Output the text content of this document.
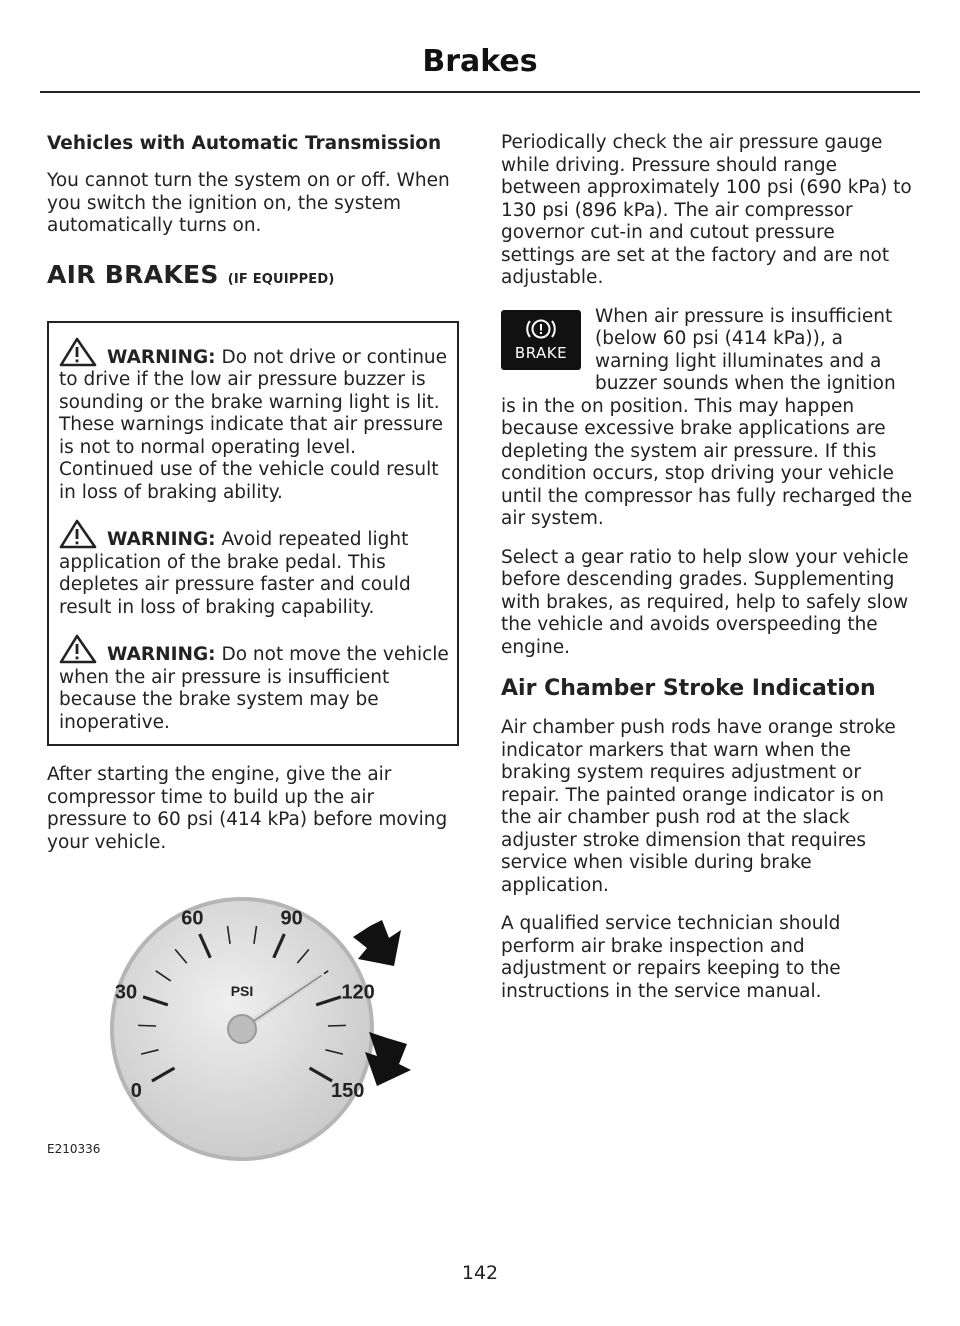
Brakes
Vehicles with Automatic Transmission

You cannot turn the system on or off. When you switch the ignition on, the system automatically turns on.

AIR BRAKES (IF EQUIPPED)

WARNING: Do not drive or continue to drive if the low air pressure buzzer is sounding or the brake warning light is lit. These warnings indicate that air pressure is not to normal operating level. Continued use of the vehicle could result in loss of braking ability.

WARNING: Avoid repeated light application of the brake pedal. This depletes air pressure faster and could result in loss of braking capability.

WARNING: Do not move the vehicle when the air pressure is insufficient because the brake system may be inoperative.

After starting the engine, give the air compressor time to build up the air pressure to 60 psi (414 kPa) before moving your vehicle.

0
30
60	90
120
150
PSI
E210336

Periodically check the air pressure gauge while driving. Pressure should range between approximately 100 psi (690 kPa) to 130 psi (896 kPa). The air compressor governor cut-in and cutout pressure settings are set at the factory and are not adjustable.

BRAKE
When air pressure is insufficient (below 60 psi (414 kPa)), a warning light illuminates and a buzzer sounds when the ignition is in the on position. This may happen because excessive brake applications are depleting the system air pressure. If this condition occurs, stop driving your vehicle until the compressor has fully recharged the air system.

Select a gear ratio to help slow your vehicle before descending grades. Supplementing with brakes, as required, help to safely slow the vehicle and avoids overspeeding the engine.

Air Chamber Stroke Indication

Air chamber push rods have orange stroke indicator markers that warn when the braking system requires adjustment or repair. The painted orange indicator is on the air chamber push rod at the slack adjuster stroke dimension that requires service when visible during brake application.

A qualified service technician should perform air brake inspection and adjustment or repairs keeping to the instructions in the service manual.

142
